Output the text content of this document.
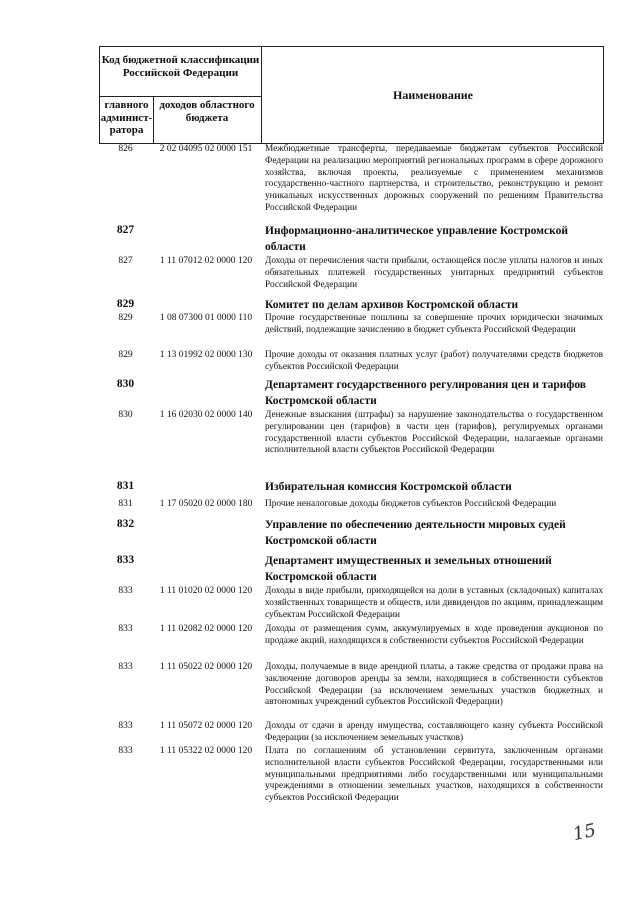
Код бюджетной классификации Российской Федерации
Наименование
главного админист-ратора
доходов областного бюджета
826	2 02 04095 02 0000 151	Межбюджетные трансферты, передаваемые бюджетам субъектов Российской Федерации на реализацию мероприятий региональных программ в сфере дорожного хозяйства, включая проекты, реализуемые с применением механизмов государственно-частного партнерства, и строительство, реконструкцию и ремонт уникальных искусственных дорожных сооружений по решениям Правительства Российской Федерации
827	Информационно-аналитическое управление Костромской области
827	1 11 07012 02 0000 120	Доходы от перечисления части прибыли, остающейся после уплаты налогов и иных обязательных платежей государственных унитарных предприятий субъектов Российской Федерации
829	Комитет по делам архивов Костромской области
829	1 08 07300 01 0000 110	Прочие государственные пошлины за совершение прочих юридически значимых действий, подлежащие зачислению в бюджет субъекта Российской Федерации
829	1 13 01992 02 0000 130	Прочие доходы от оказания платных услуг (работ) получателями средств бюджетов субъектов Российской Федерации
830	Департамент государственного регулирования цен и тарифов Костромской области
830	1 16 02030 02 0000 140	Денежные взыскания (штрафы) за нарушение законодательства о государственном регулировании цен (тарифов) в части цен (тарифов), регулируемых органами государственной власти субъектов Российской Федерации, налагаемые органами исполнительной власти субъектов Российской Федерации
831	Избирательная комиссия Костромской области
831	1 17 05020 02 0000 180	Прочие неналоговые доходы бюджетов субъектов Российской Федерации
832	Управление по обеспечению деятельности мировых судей Костромской области
833	Департамент имущественных и земельных отношений Костромской области
833	1 11 01020 02 0000 120	Доходы в виде прибыли, приходящейся на доли в уставных (складочных) капиталах хозяйственных товариществ и обществ, или дивидендов по акциям, принадлежащим субъектам Российской Федерации
833	1 11 02082 02 0000 120	Доходы от размещения сумм, аккумулируемых в ходе проведения аукционов по продаже акций, находящихся в собственности субъектов Российской Федерации
833	1 11 05022 02 0000 120	Доходы, получаемые в виде арендной платы, а также средства от продажи права на заключение договоров аренды за земли, находящиеся в собственности субъектов Российской Федерации (за исключением земельных участков бюджетных и автономных учреждений субъектов Российской Федерации)
833	1 11 05072 02 0000 120	Доходы от сдачи в аренду имущества, составляющего казну субъекта Российской Федерации (за исключением земельных участков)
833	1 11 05322 02 0000 120	Плата по соглашениям об установлении сервитута, заключенным органами исполнительной власти субъектов Российской Федерации, государственными или муниципальными предприятиями либо государственными или муниципальными учреждениями в отношении земельных участков, находящихся в собственности субъектов Российской Федерации
15
